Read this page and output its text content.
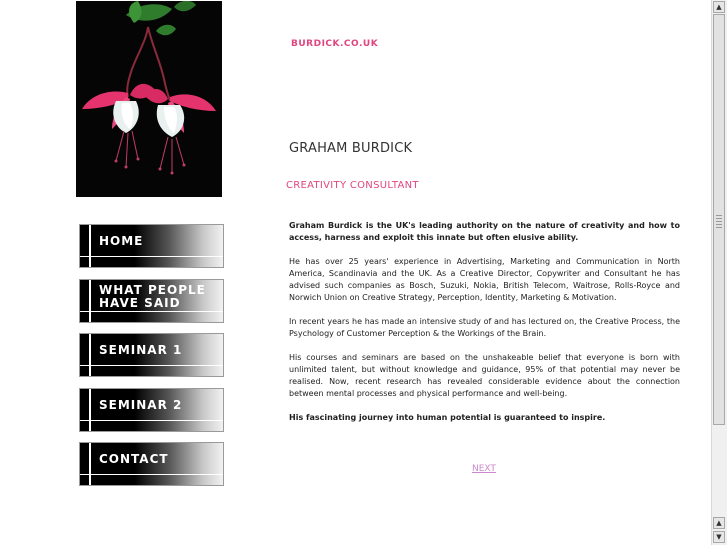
HOME
WHAT PEOPLE
HAVE SAID
SEMINAR 1
SEMINAR 2
CONTACT
BURDICK.CO.UK
GRAHAM BURDICK
CREATIVITY CONSULTANT

Graham Burdick is the UK's leading authority on the nature of creativity and how to access, harness and exploit this innate but often elusive ability.

He has over 25 years' experience in Advertising, Marketing and Communication in North America, Scandinavia and the UK. As a Creative Director, Copywriter and Consultant he has advised such companies as Bosch, Suzuki, Nokia, British Telecom, Waitrose, Rolls-Royce and Norwich Union on Creative Strategy, Perception, Identity, Marketing & Motivation.

In recent years he has made an intensive study of and has lectured on, the Creative Process, the Psychology of Customer Perception & the Workings of the Brain.

His courses and seminars are based on the unshakeable belief that everyone is born with unlimited talent, but without knowledge and guidance, 95% of that potential may never be realised. Now, recent research has revealed considerable evidence about the connection between mental processes and physical performance and well-being.

His fascinating journey into human potential is guaranteed to inspire.

NEXT
▲
▲
▼
